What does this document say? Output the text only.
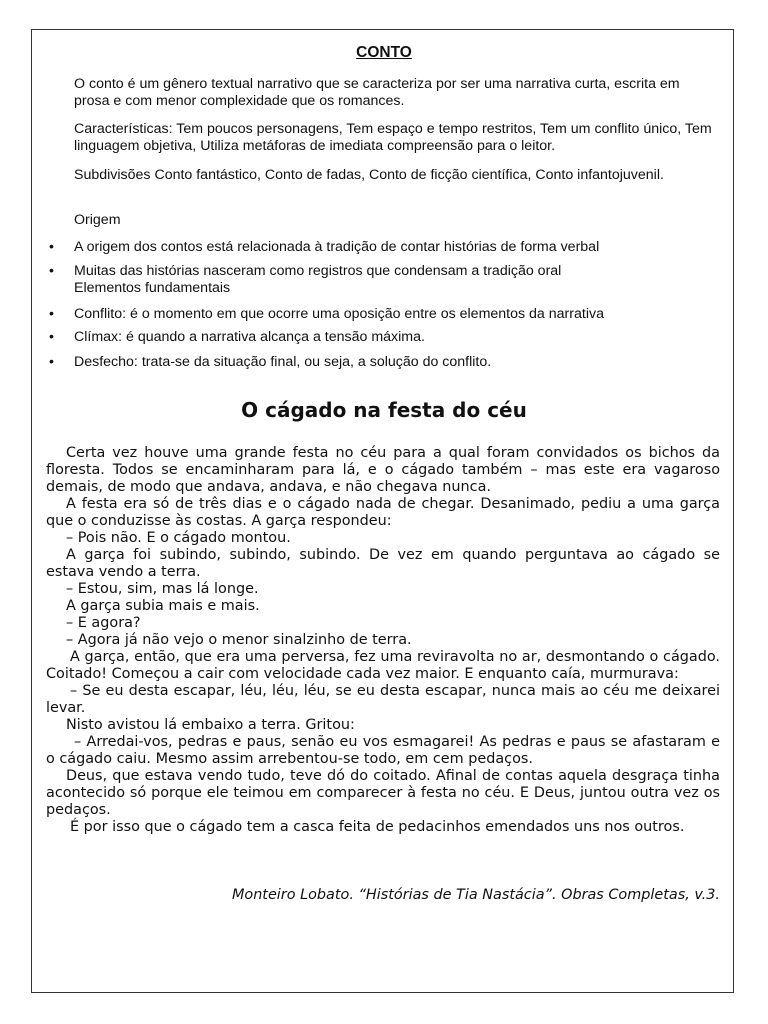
CONTO
O conto é um gênero textual narrativo que se caracteriza por ser uma narrativa curta, escrita em prosa e com menor complexidade que os romances.
Características: Tem poucos personagens, Tem espaço e tempo restritos, Tem um conflito único, Tem linguagem objetiva, Utiliza metáforas de imediata compreensão para o leitor.
Subdivisões Conto fantástico, Conto de fadas, Conto de ficção científica, Conto infantojuvenil.
Origem
• A origem dos contos está relacionada à tradição de contar histórias de forma verbal
• Muitas das histórias nasceram como registros que condensam a tradição oral
Elementos fundamentais
• Conflito: é o momento em que ocorre uma oposição entre os elementos da narrativa
• Clímax: é quando a narrativa alcança a tensão máxima.
• Desfecho: trata-se da situação final, ou seja, a solução do conflito.
O cágado na festa do céu

Certa vez houve uma grande festa no céu para a qual foram convidados os bichos da floresta. Todos se encaminharam para lá, e o cágado também – mas este era vagaroso demais, de modo que andava, andava, e não chegava nunca.

A festa era só de três dias e o cágado nada de chegar. Desanimado, pediu a uma garça que o conduzisse às costas. A garça respondeu:

– Pois não. E o cágado montou.

A garça foi subindo, subindo, subindo. De vez em quando perguntava ao cágado se estava vendo a terra.

– Estou, sim, mas lá longe.

A garça subia mais e mais.

– E agora?

– Agora já não vejo o menor sinalzinho de terra.

A garça, então, que era uma perversa, fez uma reviravolta no ar, desmontando o cágado. Coitado! Começou a cair com velocidade cada vez maior. E enquanto caía, murmurava:

– Se eu desta escapar, léu, léu, léu, se eu desta escapar, nunca mais ao céu me deixarei levar.

Nisto avistou lá embaixo a terra. Gritou:

– Arredai-vos, pedras e paus, senão eu vos esmagarei! As pedras e paus se afastaram e o cágado caiu. Mesmo assim arrebentou-se todo, em cem pedaços.

Deus, que estava vendo tudo, teve dó do coitado. Afinal de contas aquela desgraça tinha acontecido só porque ele teimou em comparecer à festa no céu. E Deus, juntou outra vez os pedaços.

É por isso que o cágado tem a casca feita de pedacinhos emendados uns nos outros.

Monteiro Lobato. “Histórias de Tia Nastácia”. Obras Completas, v.3.
